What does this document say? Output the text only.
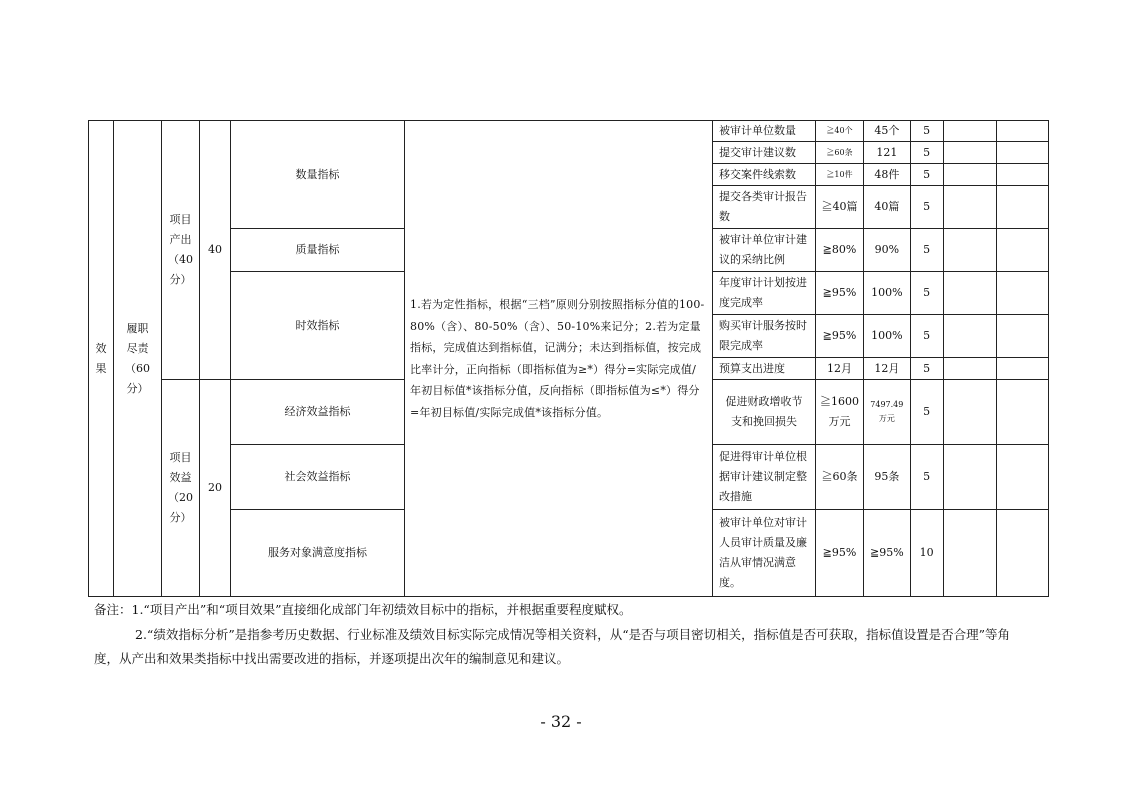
效果	履职尽责（60分）	项目产出（40分）	40	数量指标	1.若为定性指标，根据“三档”原则分别按照指标分值的100-80%（含）、80-50%（含）、50-10%来记分；2.若为定量指标，完成值达到指标值，记满分；未达到指标值，按完成比率计分，正向指标（即指标值为≥*）得分=实际完成值/年初目标值*该指标分值，反向指标（即指标值为≤*）得分=年初目标值/实际完成值*该指标分值。	被审计单位数量	≧40个	45个	5		
						提交审计建议数	≧60条	121	5		
						移交案件线索数	≧10件	48件	5		
						提交各类审计报告数	≧40篇	40篇	5		
				质量指标		被审计单位审计建议的采纳比例	≧80%	90%	5		
				时效指标		年度审计计划按进度完成率	≧95%	100%	5		
						购买审计服务按时限完成率	≧95%	100%	5		
						预算支出进度	12月	12月	5		
		项目效益（20分）	20	经济效益指标		促进财政增收节支和挽回损失	≧1600万元	7497.49万元	5		
				社会效益指标		促进得审计单位根据审计建议制定整改措施	≧60条	95条	5		
				服务对象满意度指标		被审计单位对审计人员审计质量及廉洁从审情况满意度。	≧95%	≧95%	10		

备注：1.“项目产出”和“项目效果”直接细化成部门年初绩效目标中的指标，并根据重要程度赋权。

2.“绩效指标分析”是指参考历史数据、行业标准及绩效目标实际完成情况等相关资料，从“是否与项目密切相关，指标值是否可获取，指标值设置是否合理”等角度，从产出和效果类指标中找出需要改进的指标，并逐项提出次年的编制意见和建议。

- 32 -
